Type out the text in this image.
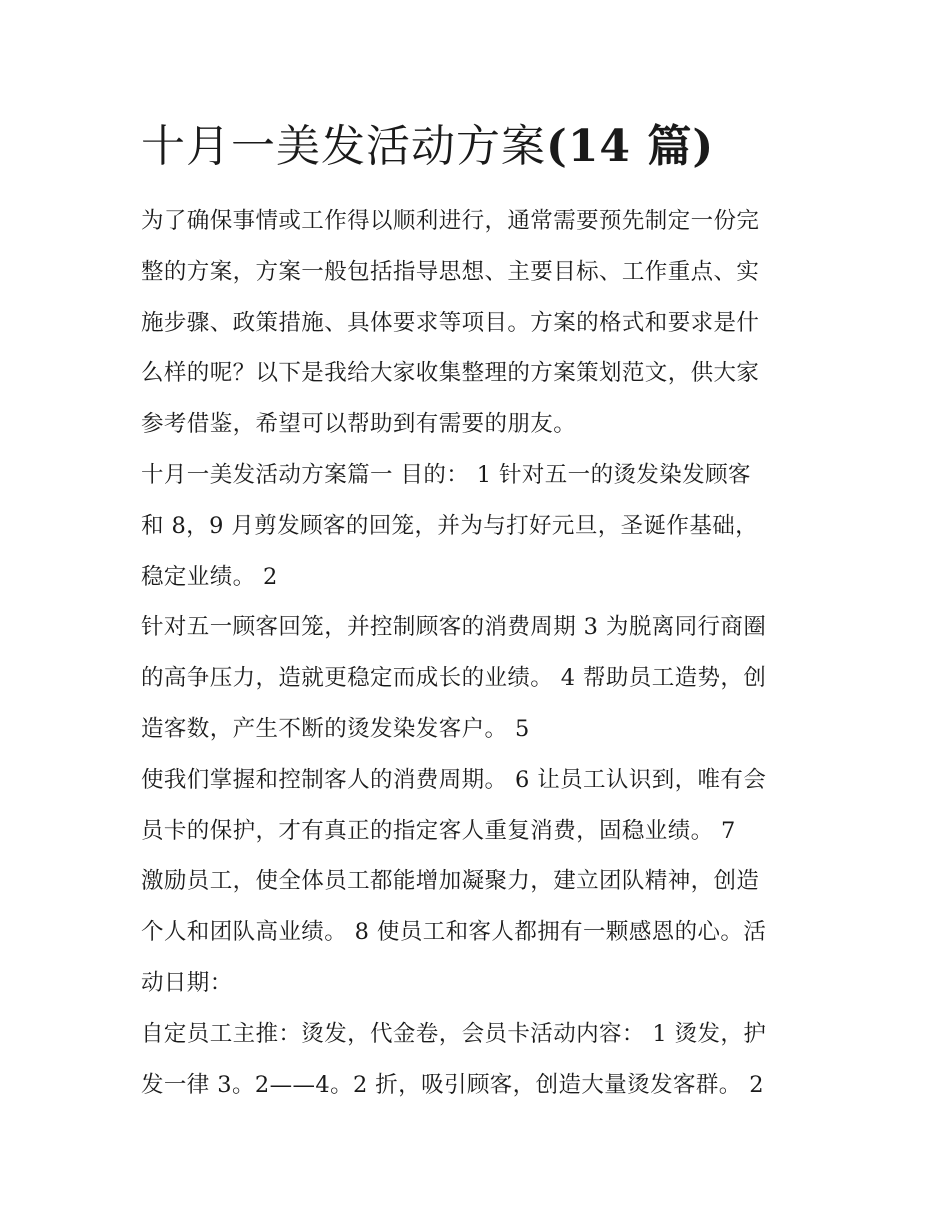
十月一美发活动方案(14 篇)

为了确保事情或工作得以顺利进行，通常需要预先制定一份完
整的方案，方案一般包括指导思想、主要目标、工作重点、实
施步骤、政策措施、具体要求等项目。方案的格式和要求是什
么样的呢？以下是我给大家收集整理的方案策划范文，供大家
参考借鉴，希望可以帮助到有需要的朋友。

十月一美发活动方案篇一 目的： 1 针对五一的烫发染发顾客
和 8，9 月剪发顾客的回笼，并为与打好元旦，圣诞作基础，
稳定业绩。 2

针对五一顾客回笼，并控制顾客的消费周期 3 为脱离同行商圈
的高争压力，造就更稳定而成长的业绩。 4 帮助员工造势，创
造客数，产生不断的烫发染发客户。 5

使我们掌握和控制客人的消费周期。 6 让员工认识到，唯有会
员卡的保护，才有真正的指定客人重复消费，固稳业绩。 7

激励员工，使全体员工都能增加凝聚力，建立团队精神，创造
个人和团队高业绩。 8 使员工和客人都拥有一颗感恩的心。活
动日期：

自定员工主推：烫发，代金卷，会员卡活动内容： 1 烫发，护
发一律 3。2——4。2 折，吸引顾客，创造大量烫发客群。 2
